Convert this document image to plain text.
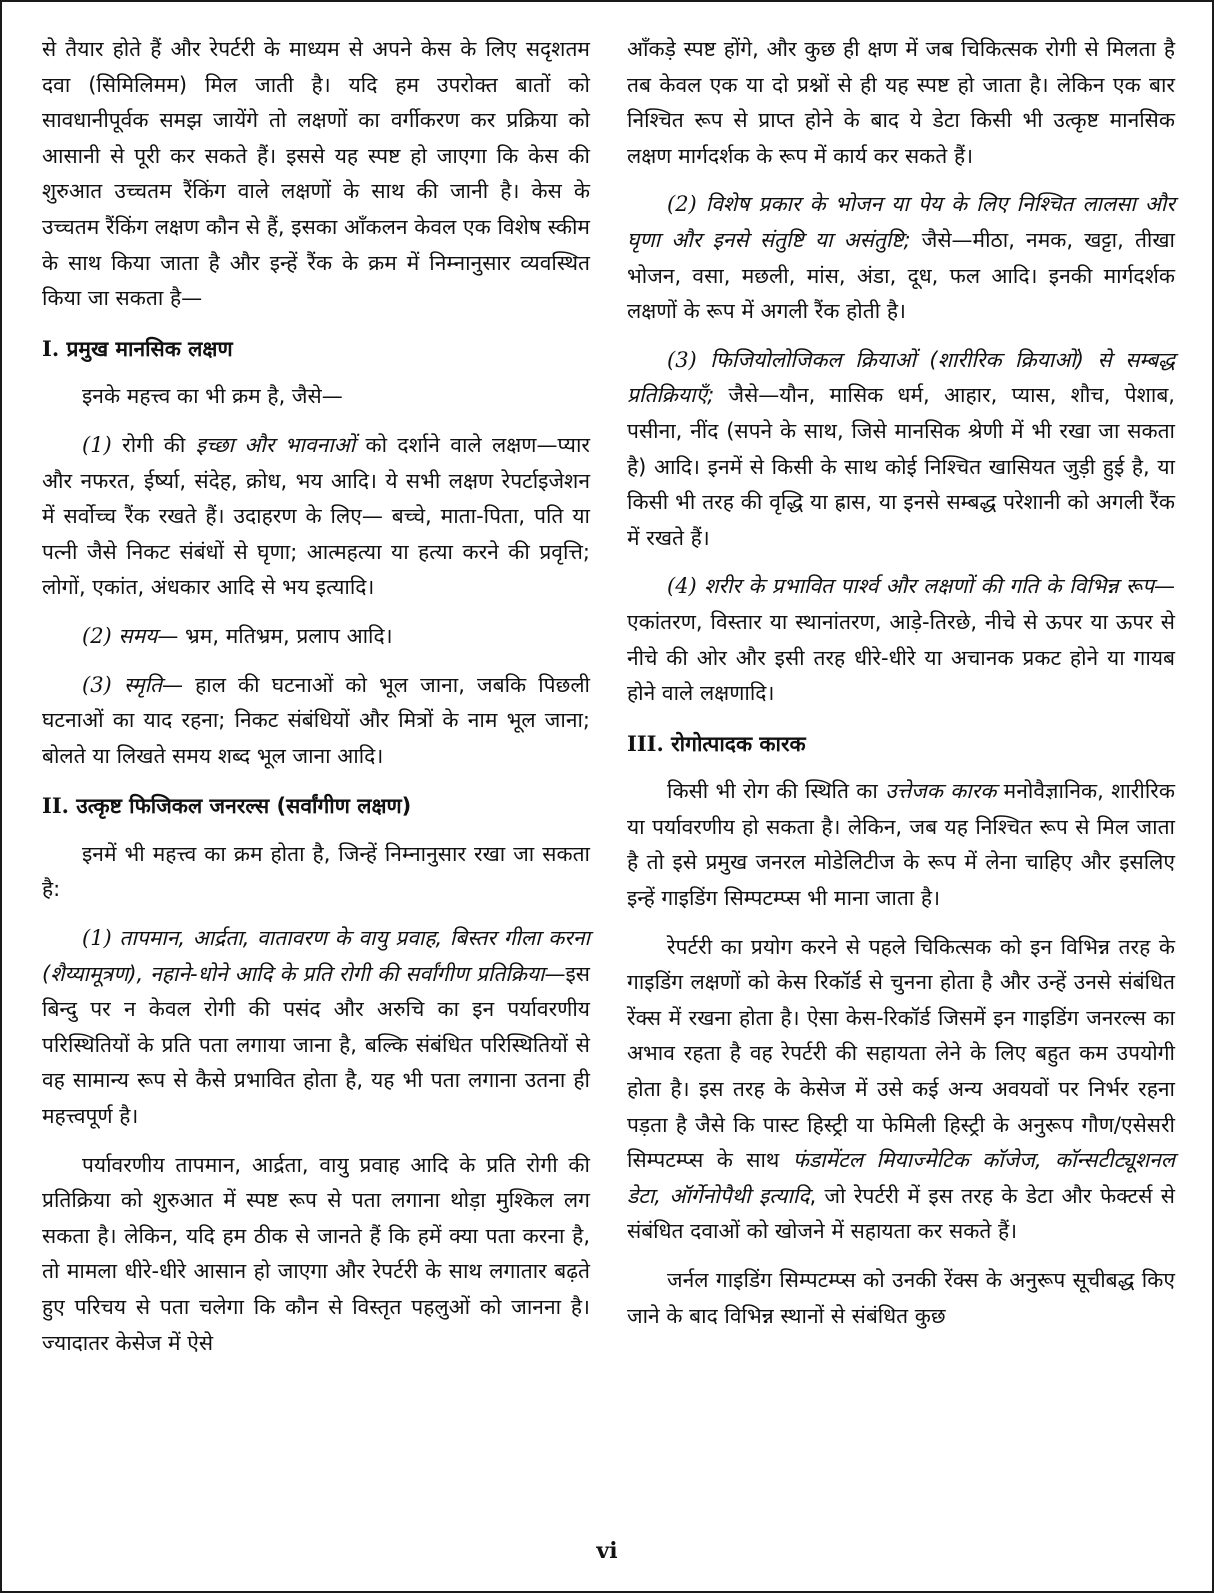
से तैयार होते हैं और रेपर्टरी के माध्यम से अपने केस के लिए सदृशतम दवा (सिमिलिमम) मिल जाती है। यदि हम उपरोक्त बातों को सावधानीपूर्वक समझ जायेंगे तो लक्षणों का वर्गीकरण कर प्रक्रिया को आसानी से पूरी कर सकते हैं। इससे यह स्पष्ट हो जाएगा कि केस की शुरुआत उच्चतम रैंकिंग वाले लक्षणों के साथ की जानी है। केस के उच्चतम रैंकिंग लक्षण कौन से हैं, इसका आँकलन केवल एक विशेष स्कीम के साथ किया जाता है और इन्हें रैंक के क्रम में निम्नानुसार व्यवस्थित किया जा सकता है—

I. प्रमुख मानसिक लक्षण

इनके महत्त्व का भी क्रम है, जैसे—

(1) रोगी की इच्छा और भावनाओं को दर्शाने वाले लक्षण—प्यार और नफरत, ईर्ष्या, संदेह, क्रोध, भय आदि। ये सभी लक्षण रेपर्टाइजेशन में सर्वोच्च रैंक रखते हैं। उदाहरण के लिए— बच्चे, माता-पिता, पति या पत्नी जैसे निकट संबंधों से घृणा; आत्महत्या या हत्या करने की प्रवृत्ति; लोगों, एकांत, अंधकार आदि से भय इत्यादि।

(2) समय— भ्रम, मतिभ्रम, प्रलाप आदि।

(3) स्मृति— हाल की घटनाओं को भूल जाना, जबकि पिछली घटनाओं का याद रहना; निकट संबंधियों और मित्रों के नाम भूल जाना; बोलते या लिखते समय शब्द भूल जाना आदि।

II. उत्कृष्ट फिजिकल जनरल्स (सर्वांगीण लक्षण)

इनमें भी महत्त्व का क्रम होता है, जिन्हें निम्नानुसार रखा जा सकता है:

(1) तापमान, आर्द्रता, वातावरण के वायु प्रवाह, बिस्तर गीला करना (शैय्यामूत्रण), नहाने-धोने आदि के प्रति रोगी की सर्वांगीण प्रतिक्रिया—इस बिन्दु पर न केवल रोगी की पसंद और अरुचि का इन पर्यावरणीय परिस्थितियों के प्रति पता लगाया जाना है, बल्कि संबंधित परिस्थितियों से वह सामान्य रूप से कैसे प्रभावित होता है, यह भी पता लगाना उतना ही महत्त्वपूर्ण है।

पर्यावरणीय तापमान, आर्द्रता, वायु प्रवाह आदि के प्रति रोगी की प्रतिक्रिया को शुरुआत में स्पष्ट रूप से पता लगाना थोड़ा मुश्किल लग सकता है। लेकिन, यदि हम ठीक से जानते हैं कि हमें क्या पता करना है, तो मामला धीरे-धीरे आसान हो जाएगा और रेपर्टरी के साथ लगातार बढ़ते हुए परिचय से पता चलेगा कि कौन से विस्तृत पहलुओं को जानना है। ज्यादातर केसेज में ऐसे

आँकड़े स्पष्ट होंगे, और कुछ ही क्षण में जब चिकित्सक रोगी से मिलता है तब केवल एक या दो प्रश्नों से ही यह स्पष्ट हो जाता है। लेकिन एक बार निश्चित रूप से प्राप्त होने के बाद ये डेटा किसी भी उत्कृष्ट मानसिक लक्षण मार्गदर्शक के रूप में कार्य कर सकते हैं।

(2) विशेष प्रकार के भोजन या पेय के लिए निश्चित लालसा और घृणा और इनसे संतुष्टि या असंतुष्टि; जैसे—मीठा, नमक, खट्टा, तीखा भोजन, वसा, मछली, मांस, अंडा, दूध, फल आदि। इनकी मार्गदर्शक लक्षणों के रूप में अगली रैंक होती है।

(3) फिजियोलोजिकल क्रियाओं (शारीरिक क्रियाओं) से सम्बद्ध प्रतिक्रियाएँ; जैसे—यौन, मासिक धर्म, आहार, प्यास, शौच, पेशाब, पसीना, नींद (सपने के साथ, जिसे मानसिक श्रेणी में भी रखा जा सकता है) आदि। इनमें से किसी के साथ कोई निश्चित खासियत जुड़ी हुई है, या किसी भी तरह की वृद्धि या ह्रास, या इनसे सम्बद्ध परेशानी को अगली रैंक में रखते हैं।

(4) शरीर के प्रभावित पार्श्व और लक्षणों की गति के विभिन्न रूप—एकांतरण, विस्तार या स्थानांतरण, आड़े-तिरछे, नीचे से ऊपर या ऊपर से नीचे की ओर और इसी तरह धीरे-धीरे या अचानक प्रकट होने या गायब होने वाले लक्षणादि।

III. रोगोत्पादक कारक

किसी भी रोग की स्थिति का उत्तेजक कारक मनोवैज्ञानिक, शारीरिक या पर्यावरणीय हो सकता है। लेकिन, जब यह निश्चित रूप से मिल जाता है तो इसे प्रमुख जनरल मोडेलिटीज के रूप में लेना चाहिए और इसलिए इन्हें गाइडिंग सिम्पटम्प्स भी माना जाता है।

रेपर्टरी का प्रयोग करने से पहले चिकित्सक को इन विभिन्न तरह के गाइडिंग लक्षणों को केस रिकॉर्ड से चुनना होता है और उन्हें उनसे संबंधित रेंक्स में रखना होता है। ऐसा केस-रिकॉर्ड जिसमें इन गाइडिंग जनरल्स का अभाव रहता है वह रेपर्टरी की सहायता लेने के लिए बहुत कम उपयोगी होता है। इस तरह के केसेज में उसे कई अन्य अवयवों पर निर्भर रहना पड़ता है जैसे कि पास्ट हिस्ट्री या फेमिली हिस्ट्री के अनुरूप गौण/एसेसरी सिम्पटम्प्स के साथ फंडामेंटल मियाज्मेटिक कॉजेज, कॉन्सटीट्यूशनल डेटा, ऑर्गेनोपैथी इत्यादि, जो रेपर्टरी में इस तरह के डेटा और फेक्टर्स से संबंधित दवाओं को खोजने में सहायता कर सकते हैं।

जर्नल गाइडिंग सिम्पटम्प्स को उनकी रेंक्स के अनुरूप सूचीबद्ध किए जाने के बाद विभिन्न स्थानों से संबंधित कुछ

vi
